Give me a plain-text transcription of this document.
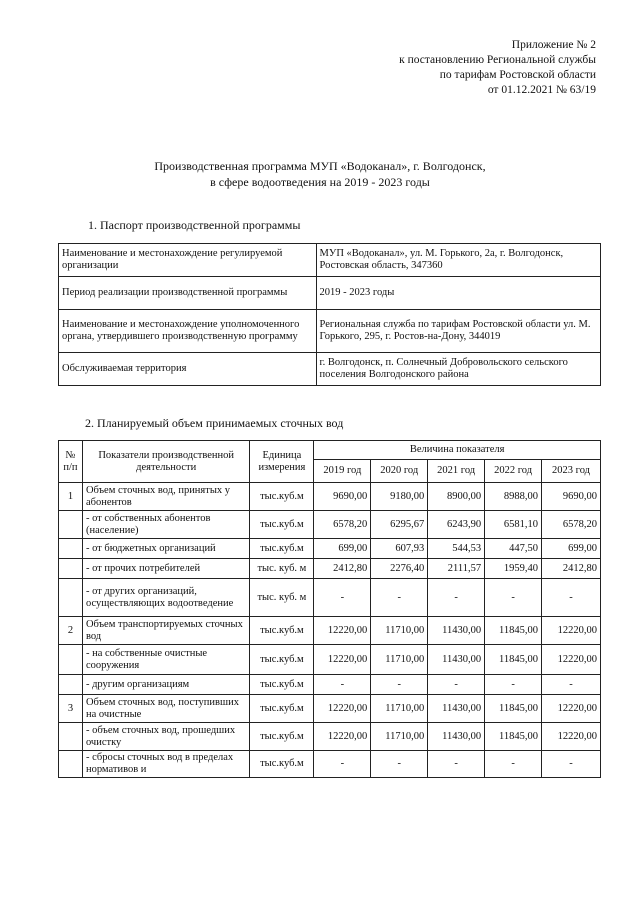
Приложение № 2
к постановлению Региональной службы
по тарифам Ростовской области
от 01.12.2021 № 63/19
Производственная программа МУП «Водоканал», г. Волгодонск,
в сфере водоотведения на 2019 - 2023 годы
1. Паспорт производственной программы
Наименование и местонахождение регулируемой организации	МУП «Водоканал», ул. М. Горького, 2а, г. Волгодонск, Ростовская область, 347360
Период реализации производственной программы	2019 - 2023 годы
Наименование и местонахождение уполномоченного органа, утвердившего производственную программу	Региональная служба по тарифам Ростовской области ул. М. Горького, 295, г. Ростов-на-Дону, 344019
Обслуживаемая территория	г. Волгодонск, п. Солнечный Добровольского сельского поселения Волгодонского района
2. Планируемый объем принимаемых сточных вод
№ п/п	Показатели производственной деятельности	Единица измерения	Величина показателя				
			2019 год	2020 год	2021 год	2022 год	2023 год
1	Объем сточных вод, принятых у абонентов	тыс.куб.м	9690,00	9180,00	8900,00	8988,00	9690,00
	- от собственных абонентов (население)	тыс.куб.м	6578,20	6295,67	6243,90	6581,10	6578,20
	- от бюджетных организаций	тыс.куб.м	699,00	607,93	544,53	447,50	699,00
	- от прочих потребителей	тыс. куб. м	2412,80	2276,40	2111,57	1959,40	2412,80
	- от других организаций, осуществляющих водоотведение	тыс. куб. м	-	-	-	-	-
2	Объем транспортируемых сточных вод	тыс.куб.м	12220,00	11710,00	11430,00	11845,00	12220,00
	- на собственные очистные сооружения	тыс.куб.м	12220,00	11710,00	11430,00	11845,00	12220,00
	- другим организациям	тыс.куб.м	-	-	-	-	-
3	Объем сточных вод, поступивших на очистные	тыс.куб.м	12220,00	11710,00	11430,00	11845,00	12220,00
	- объем сточных вод, прошедших очистку	тыс.куб.м	12220,00	11710,00	11430,00	11845,00	12220,00
	- сбросы сточных вод в пределах нормативов и	тыс.куб.м	-	-	-	-	-
